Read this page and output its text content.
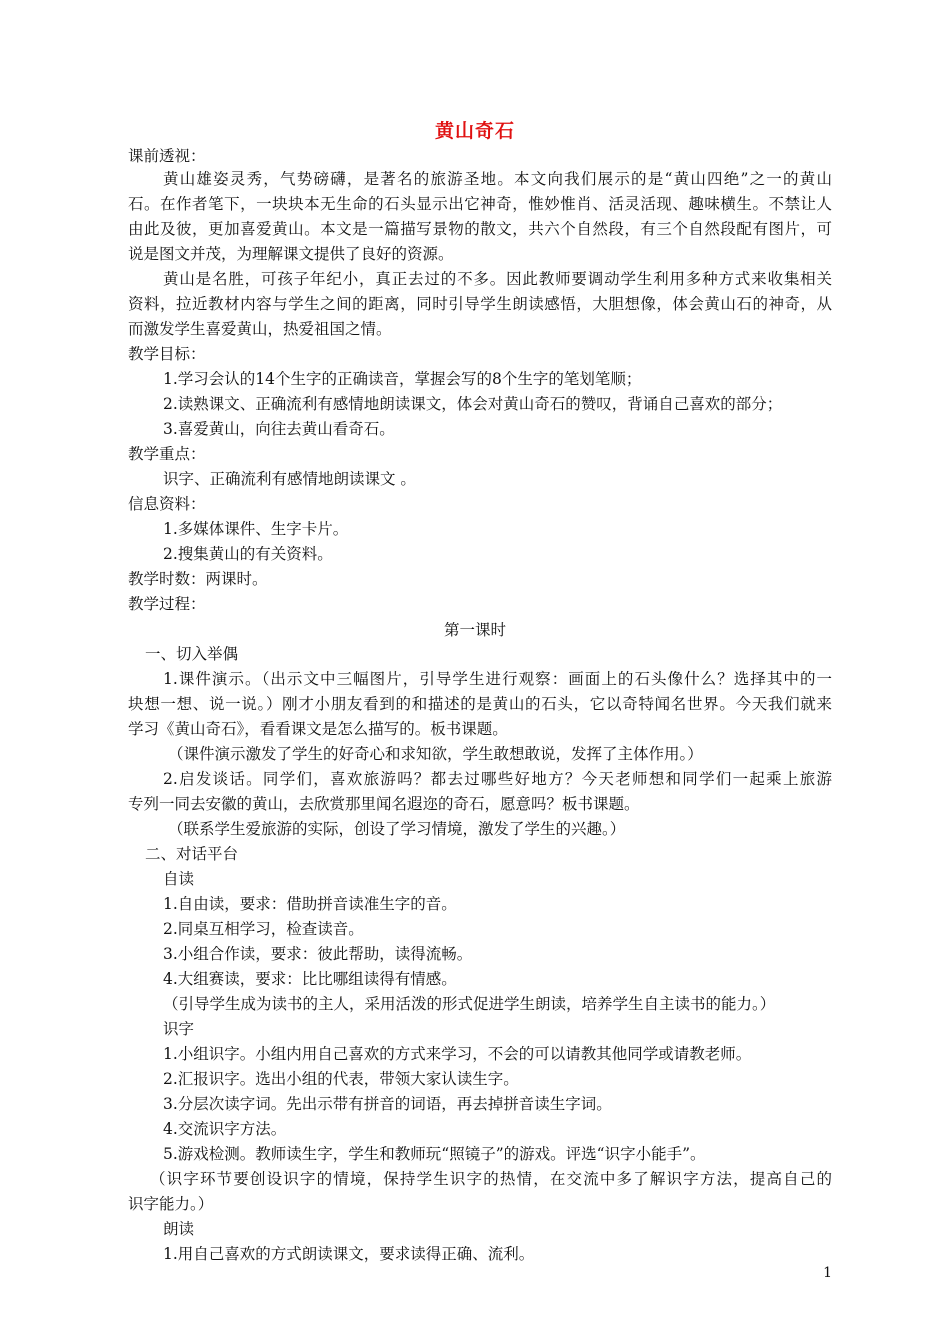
黄山奇石
课前透视：
黄山雄姿灵秀，气势磅礴，是著名的旅游圣地。本文向我们展示的是“黄山四绝”之一的黄山
石。在作者笔下，一块块本无生命的石头显示出它神奇，惟妙惟肖、活灵活现、趣味横生。不禁让人
由此及彼，更加喜爱黄山。本文是一篇描写景物的散文，共六个自然段，有三个自然段配有图片，可
说是图文并茂，为理解课文提供了良好的资源。
黄山是名胜，可孩子年纪小，真正去过的不多。因此教师要调动学生利用多种方式来收集相关
资料，拉近教材内容与学生之间的距离，同时引导学生朗读感悟，大胆想像，体会黄山石的神奇，从
而激发学生喜爱黄山，热爱祖国之情。
教学目标：
1.学习会认的14个生字的正确读音，掌握会写的8个生字的笔划笔顺；
2.读熟课文、正确流利有感情地朗读课文，体会对黄山奇石的赞叹，背诵自己喜欢的部分；
3.喜爱黄山，向往去黄山看奇石。
教学重点：
识字、正确流利有感情地朗读课文 。
信息资料：
1.多媒体课件、生字卡片。
2.搜集黄山的有关资料。
教学时数：两课时。
教学过程：
第一课时
一、切入举偶
1.课件演示。（出示文中三幅图片，引导学生进行观察：画面上的石头像什么？选择其中的一
块想一想、说一说。）刚才小朋友看到的和描述的是黄山的石头，它以奇特闻名世界。今天我们就来
学习《黄山奇石》，看看课文是怎么描写的。板书课题。
（课件演示激发了学生的好奇心和求知欲，学生敢想敢说，发挥了主体作用。）
2.启发谈话。同学们，喜欢旅游吗？都去过哪些好地方？今天老师想和同学们一起乘上旅游
专列一同去安徽的黄山，去欣赏那里闻名遐迩的奇石，愿意吗？板书课题。
（联系学生爱旅游的实际，创设了学习情境，激发了学生的兴趣。）
二、对话平台
自读
1.自由读，要求：借助拼音读准生字的音。
2.同桌互相学习，检查读音。
3.小组合作读，要求：彼此帮助，读得流畅。
4.大组赛读，要求：比比哪组读得有情感。
（引导学生成为读书的主人，采用活泼的形式促进学生朗读，培养学生自主读书的能力。）
识字
1.小组识字。小组内用自己喜欢的方式来学习，不会的可以请教其他同学或请教老师。
2.汇报识字。选出小组的代表，带领大家认读生字。
3.分层次读字词。先出示带有拼音的词语，再去掉拼音读生字词。
4.交流识字方法。
5.游戏检测。教师读生字，学生和教师玩“照镜子”的游戏。评选“识字小能手”。
（识字环节要创设识字的情境，保持学生识字的热情，在交流中多了解识字方法，提高自己的
识字能力。）
朗读
1.用自己喜欢的方式朗读课文，要求读得正确、流利。
1
